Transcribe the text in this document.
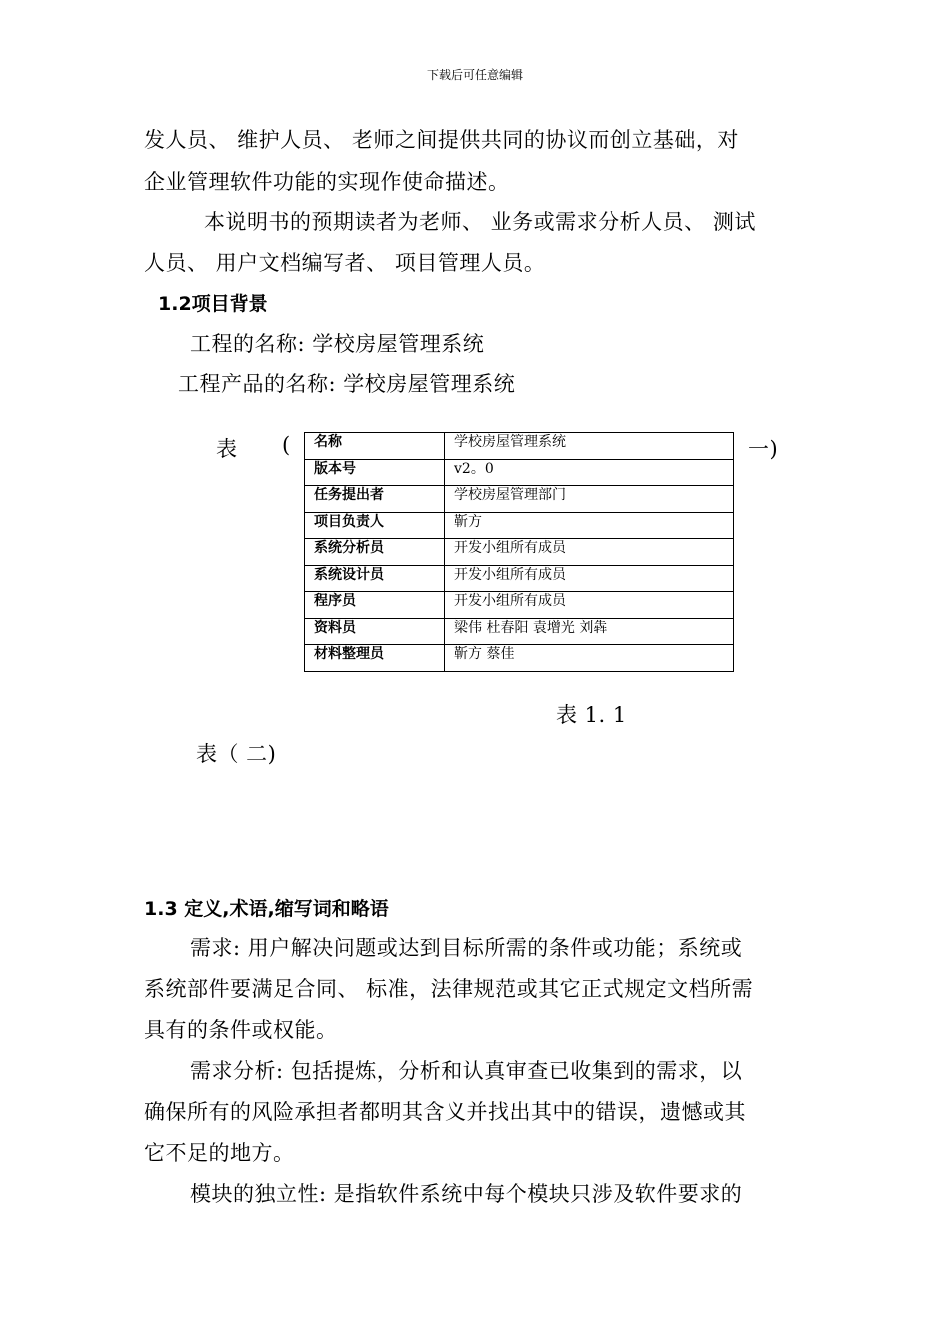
下载后可任意编辑
发人员、 维护人员、 老师之间提供共同的协议而创立基础，对
企业管理软件功能的实现作使命描述。
本说明书的预期读者为老师、 业务或需求分析人员、 测试
人员、 用户文档编写者、 项目管理人员。
1.2项目背景
工程的名称: 学校房屋管理系统
工程产品的名称: 学校房屋管理系统
表 (	一)
名称	学校房屋管理系统
版本号	v2。0
任务提出者	学校房屋管理部门
项目负责人	靳方
系统分析员	开发小组所有成员
系统设计员	开发小组所有成员
程序员	开发小组所有成员
资料员	梁伟 杜春阳 袁增光 刘犇
材料整理员	靳方 蔡佳
表 1. 1
表（ 二)
1.3 定义,术语,缩写词和略语
需求: 用户解决问题或达到目标所需的条件或功能；系统或
系统部件要满足合同、 标准，法律规范或其它正式规定文档所需
具有的条件或权能。
需求分析: 包括提炼，分析和认真审查已收集到的需求，以
确保所有的风险承担者都明其含义并找出其中的错误，遗憾或其
它不足的地方。
模块的独立性: 是指软件系统中每个模块只涉及软件要求的
